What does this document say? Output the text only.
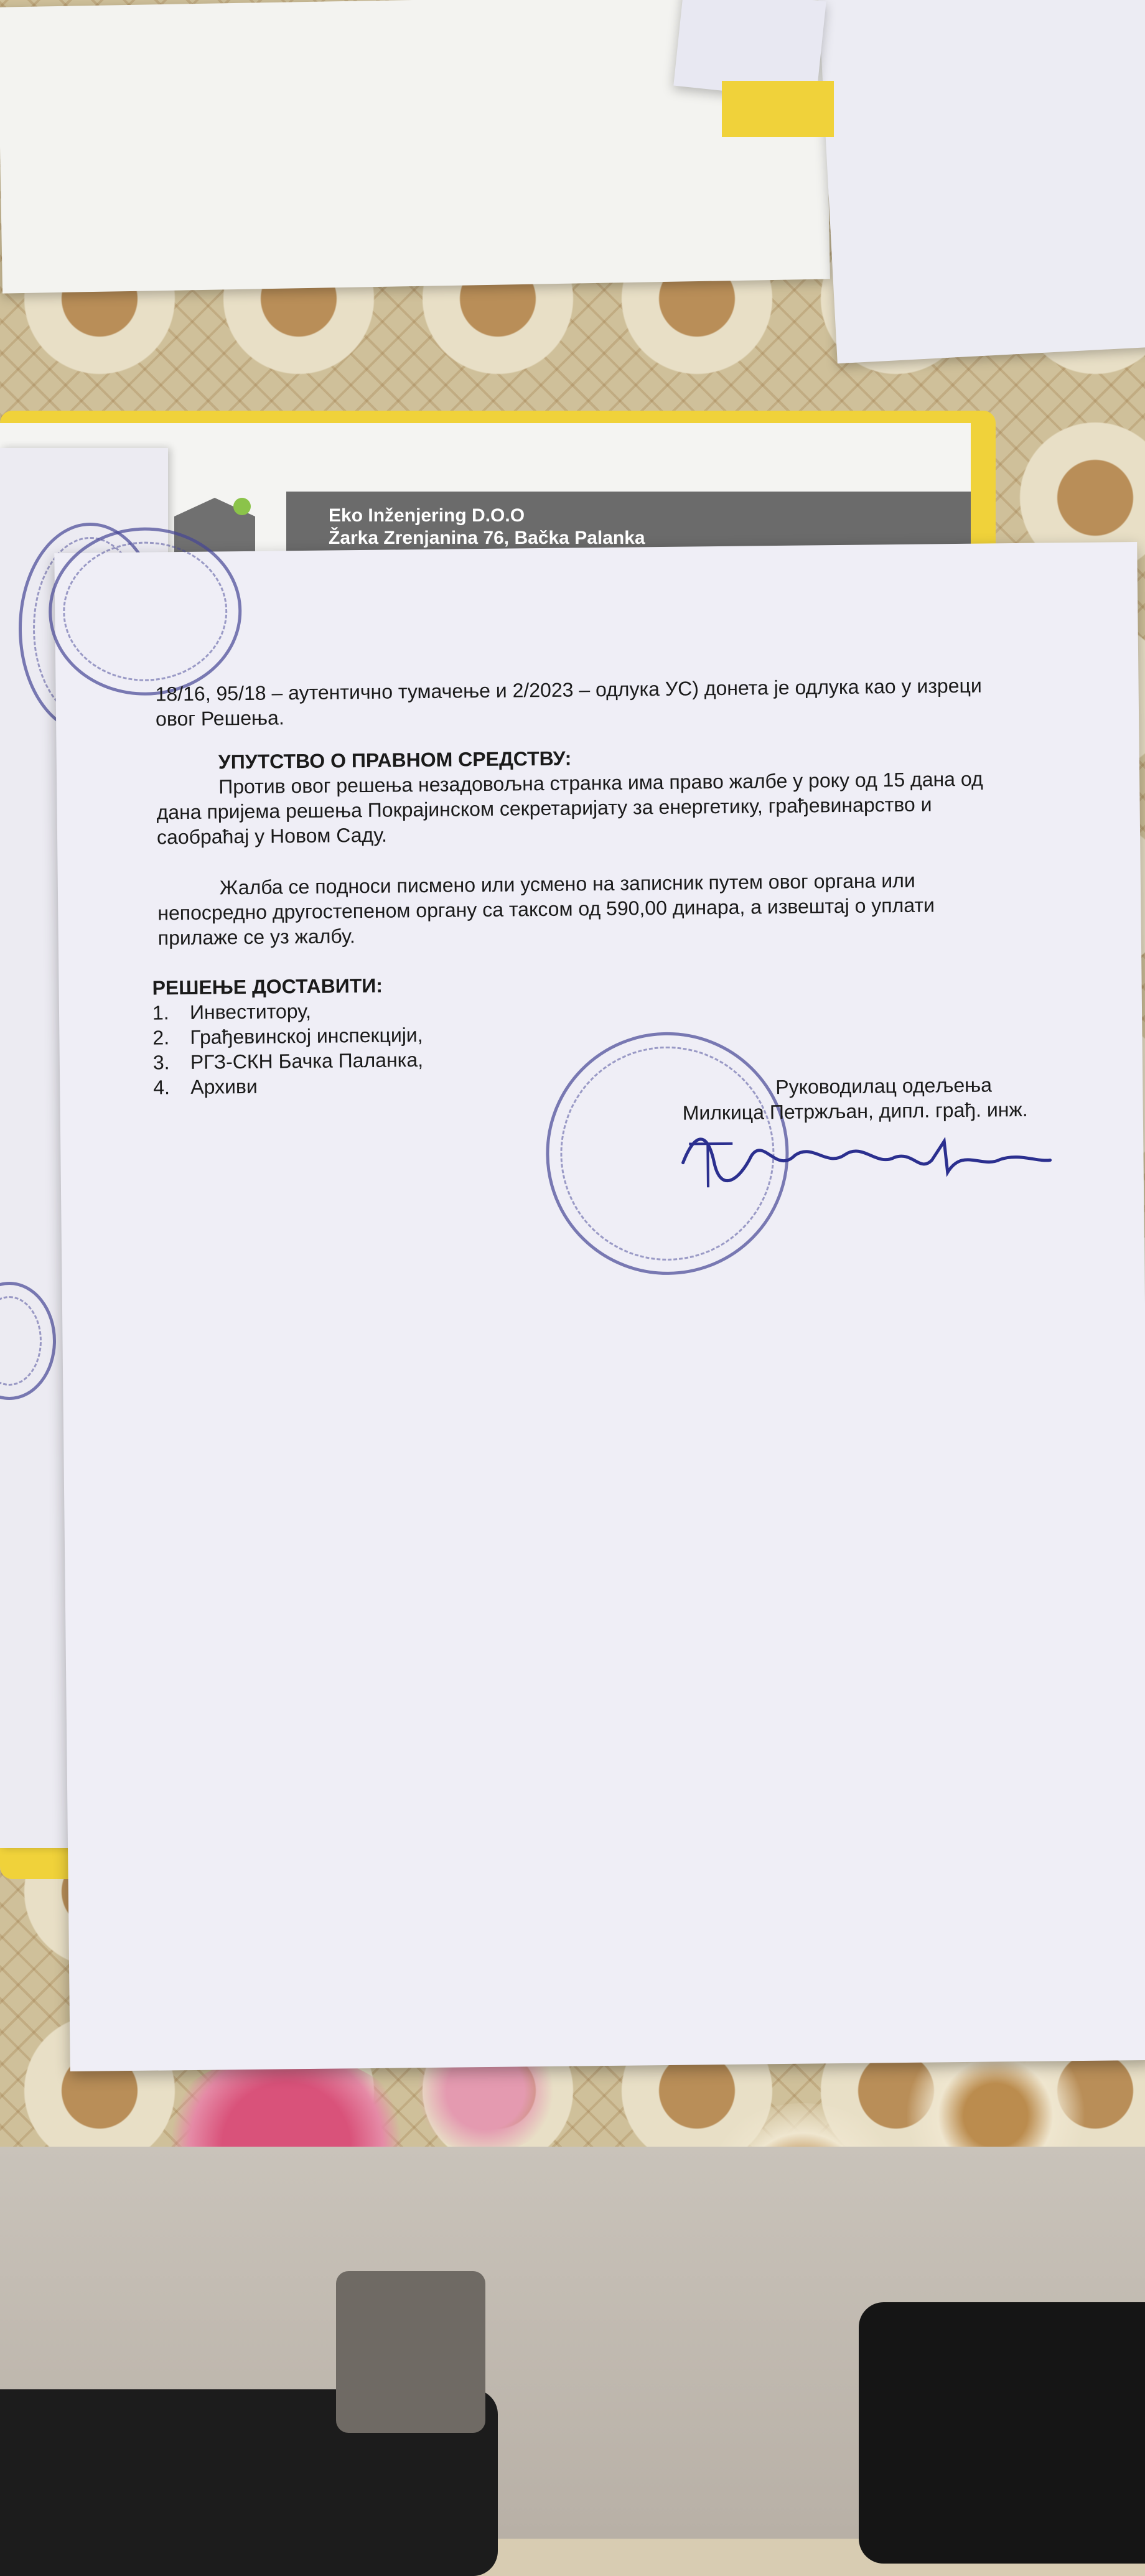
Eko Inženjering D.O.O
Žarka Zrenjanina 76, Bačka Palanka
18/16, 95/18 – аутентично тумачење и 2/2023 – одлука УС) донета је одлука као у изреци
овог Решења.
УПУТСТВО О ПРАВНОМ СРЕДСТВУ:
Против овог решења незадовољна странка има право жалбе у року од 15 дана од
дана пријема решења Покрајинском секретаријату за енергетику, грађевинарство и
саобраћај у Новом Саду.
Жалба се подноси писмено или усмено на записник путем овог органа или
непосредно другостепеном органу са таксом од 590,00 динара, а извештај о уплати
прилаже се уз жалбу.
РЕШЕЊЕ ДОСТАВИТИ:
1. Инвеститору,
2. Грађевинској инспекцији,
3. РГЗ-СКН Бачка Паланка,
4. Архиви	Руководилац одељења
Милкица Петржљан, дипл. грађ. инж.
